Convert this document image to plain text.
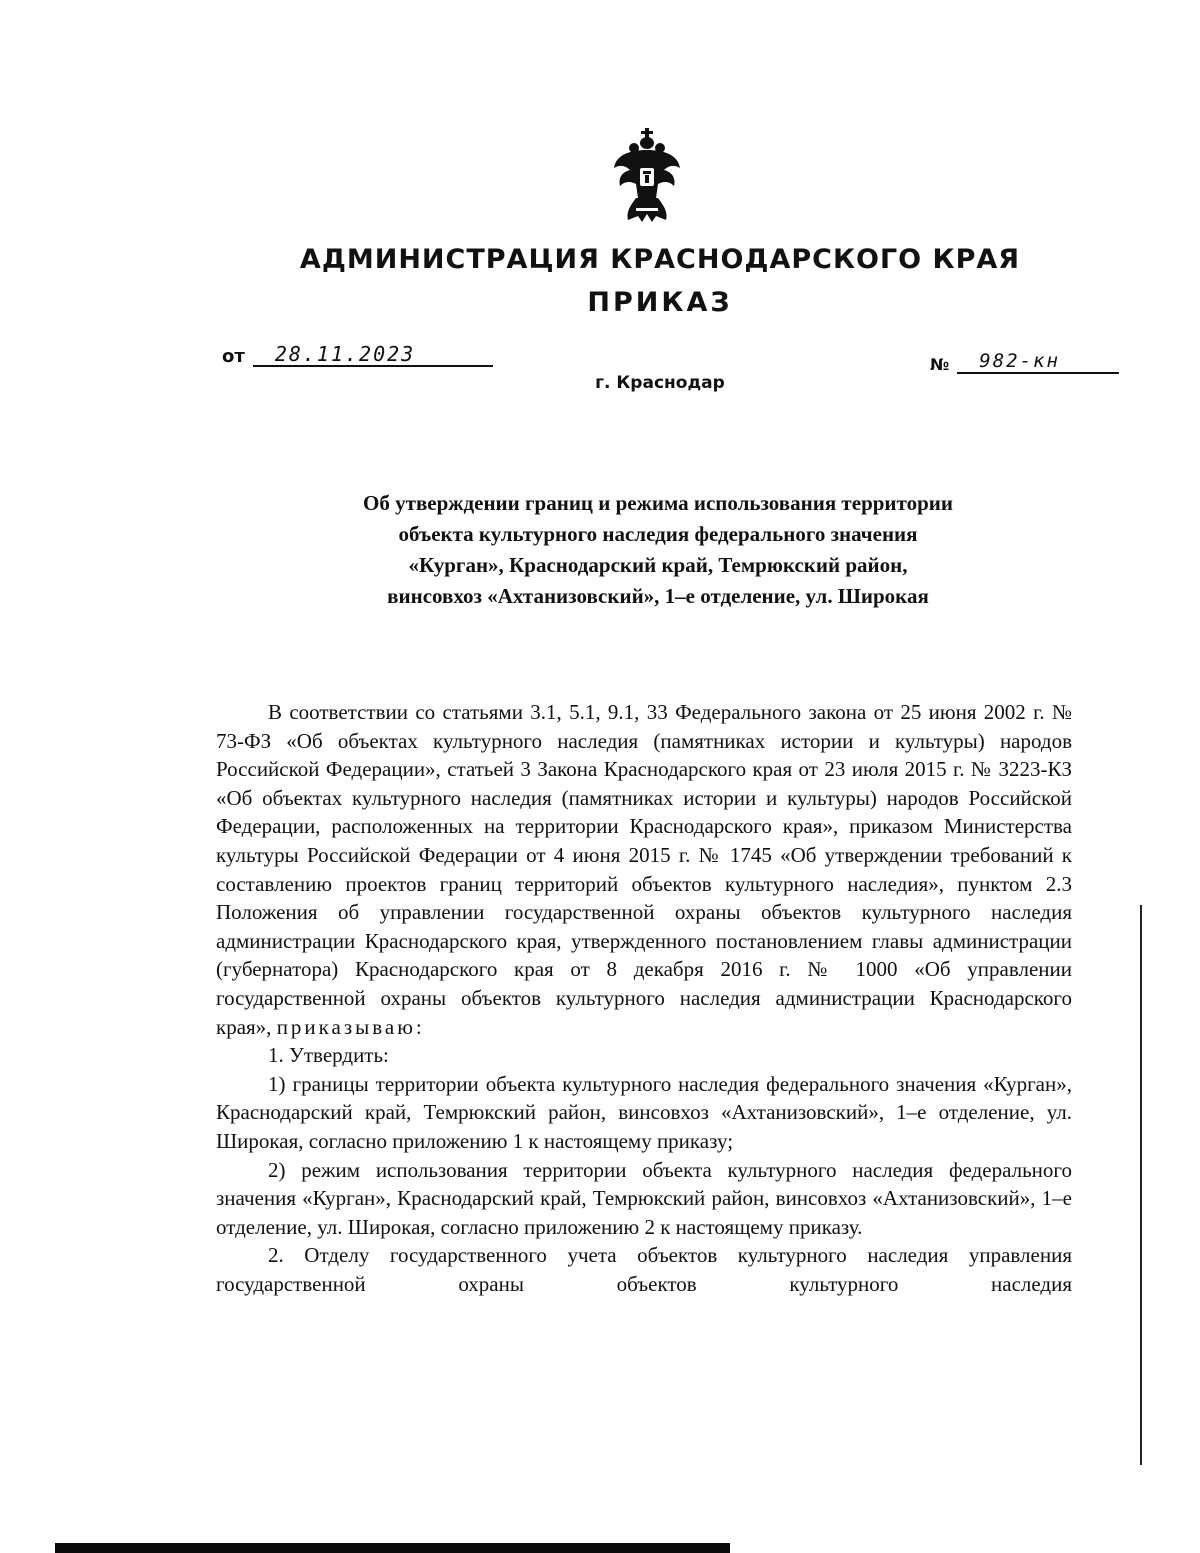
АДМИНИСТРАЦИЯ КРАСНОДАРСКОГО КРАЯ
ПРИКАЗ
от	28.11.2023
г. Краснодар
№	982-кн
Об утверждении границ и режима использования территории
объекта культурного наследия федерального значения
«Курган», Краснодарский край, Темрюкский район,
винсовхоз «Ахтанизовский», 1–е отделение, ул. Широкая

В соответствии со статьями 3.1, 5.1, 9.1, 33 Федерального закона от 25 июня 2002 г. № 73-ФЗ «Об объектах культурного наследия (памятниках истории и культуры) народов Российской Федерации», статьей 3 Закона Краснодарского края от 23 июля 2015 г. № 3223-КЗ «Об объектах культурного наследия (памятниках истории и культуры) народов Российской Федерации, расположенных на территории Краснодарского края», приказом Министерства культуры Российской Федерации от 4 июня 2015 г. № 1745 «Об утверждении требований к составлению проектов границ территорий объектов культурного наследия», пунктом 2.3 Положения об управлении государственной охраны объектов культурного наследия администрации Краснодарского края, утвержденного постановлением главы администрации (губернатора) Краснодарского края от 8 декабря 2016 г. № 1000 «Об управлении государственной охраны объектов культурного наследия администрации Краснодарского края», приказываю:

1. Утвердить:

1) границы территории объекта культурного наследия федерального значения «Курган», Краснодарский край, Темрюкский район, винсовхоз «Ахтанизовский», 1–е отделение, ул. Широкая, согласно приложению 1 к настоящему приказу;

2) режим использования территории объекта культурного наследия федерального значения «Курган», Краснодарский край, Темрюкский район, винсовхоз «Ахтанизовский», 1–е отделение, ул. Широкая, согласно приложению 2 к настоящему приказу.

2. Отделу государственного учета объектов культурного наследия управления государственной охраны объектов культурного наследия
